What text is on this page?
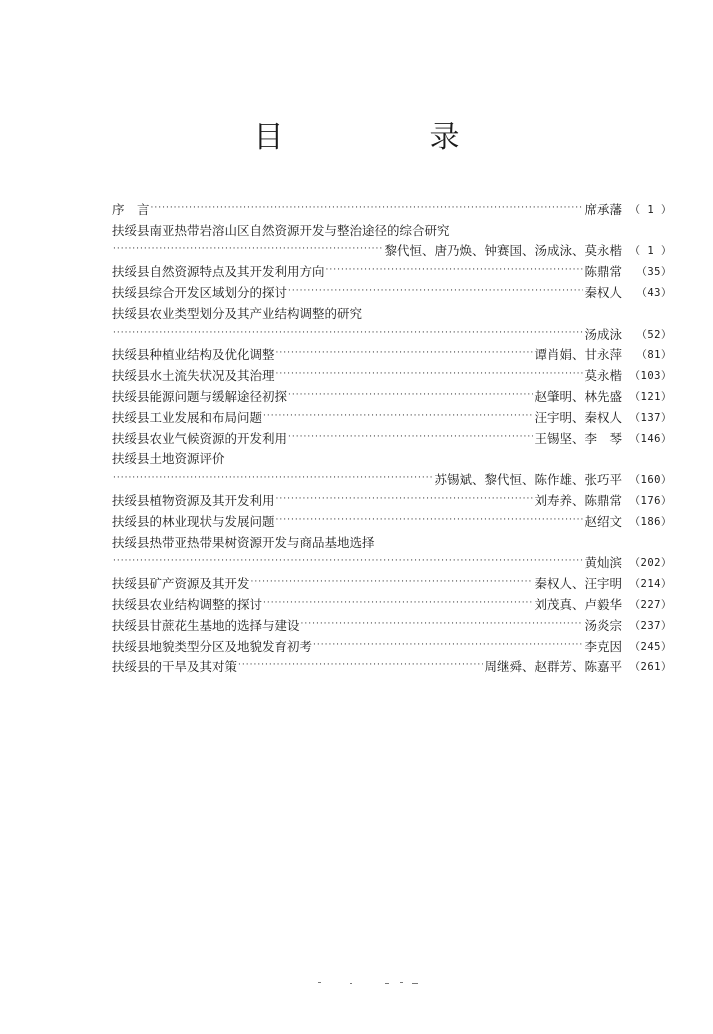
目　录
序　言 ·····	席承藩 （ 1 ）
扶绥县南亚热带岩溶山区自然资源开发与整治途径的综合研究
·····
黎代恒、唐乃焕、钟赛国、汤成泳、莫永楷 （ 1 ）
扶绥县自然资源特点及其开发利用方向 ·····	陈鼎常	（35）
扶绥县综合开发区域划分的探讨 ·····	秦权人	（43）
扶绥县农业类型划分及其产业结构调整的研究
·····
汤成泳	（52）
扶绥县种植业结构及优化调整 ·····	谭肖娟、甘永萍	（81）
扶绥县水土流失状况及其治理 ·····	莫永楷 （103）
扶绥县能源问题与缓解途径初探 ·····	赵肇明、林先盛 （121）
扶绥县工业发展和布局问题 ·····	汪宇明、秦权人 （137）
扶绥县农业气候资源的开发利用 ·····	王锡坚、李　琴 （146）
扶绥县土地资源评价
·····
苏锡斌、黎代恒、陈作雄、张巧平 （160）
扶绥县植物资源及其开发利用 ·····	刘寿养、陈鼎常 （176）
扶绥县的林业现状与发展问题 ·····	赵绍文 （186）
扶绥县热带亚热带果树资源开发与商品基地选择
·····
黄灿滨 （202）
扶绥县矿产资源及其开发 ·····	秦权人、汪宇明 （214）
扶绥县农业结构调整的探讨 ·····	刘茂真、卢毅华 （227）
扶绥县甘蔗花生基地的选择与建设 ·····	汤炎宗 （237）
扶绥县地貌类型分区及地貌发育初考 ·····	李克因 （245）
扶绥县的干旱及其对策 ·····	周继舜、赵群芳、陈嘉平 （261）
